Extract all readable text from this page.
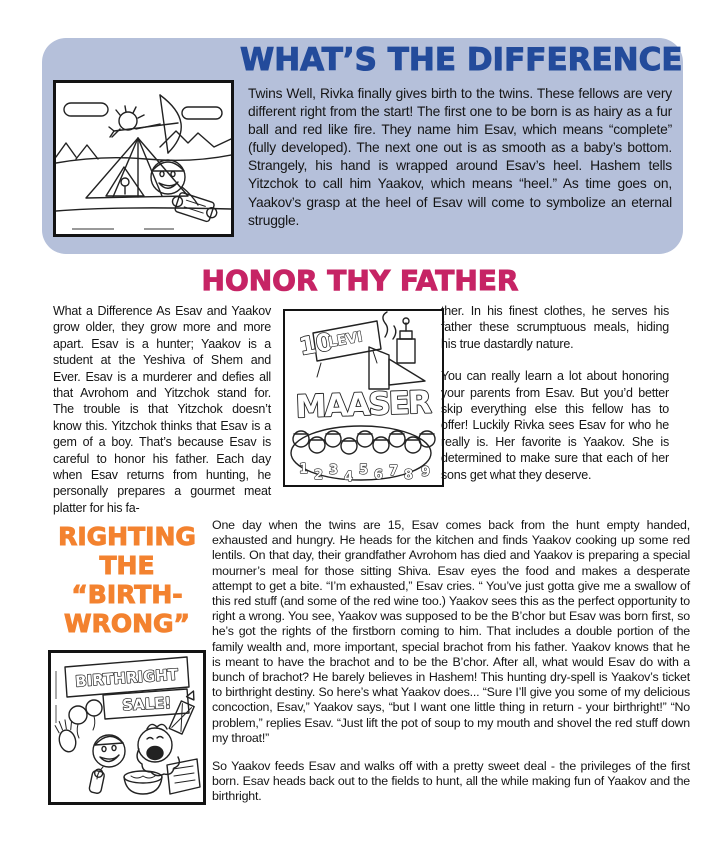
WHAT’S THE DIFFERENCE
Twins Well, Rivka finally gives birth to the twins. These fellows are very different right from the start! The first one to be born is as hairy as a fur ball and red like fire. They name him Esav, which means “complete” (fully developed). The next one out is as smooth as a baby’s bottom. Strangely, his hand is wrapped around Esav’s heel. Hashem tells Yitzchok to call him Yaakov, which means “heel.” As time goes on, Yaakov’s grasp at the heel of Esav will come to symbolize an eternal struggle.
HONOR THY FATHER
What a Difference As Esav and Yaakov grow older, they grow more and more apart. Esav is a hunter; Yaakov is a student at the Yeshiva of Shem and Ever. Esav is a murderer and defies all that Avrohom and Yitzchok stand for. The trouble is that Yitzchok doesn’t know this. Yitzchok thinks that Esav is a gem of a boy. That’s because Esav is careful to honor his father. Each day when Esav returns from hunting, he personally prepares a gourmet meat platter for his fa-
10
LEVI
MAASER
1 2 3 4 5 6 7 8 9
ther. In his finest clothes, he serves his father these scrumptuous meals, hiding his true dastardly nature.
You can really learn a lot about honoring your parents from Esav. But you’d better skip everything else this fellow has to offer! Luckily Rivka sees Esav for who he really is. Her favorite is Yaakov. She is determined to make sure that each of her sons get what they deserve.
RIGHTING
THE
“BIRTH-
WRONG”
BIRTHRIGHT
SALE!
One day when the twins are 15, Esav comes back from the hunt empty handed, exhausted and hungry. He heads for the kitchen and finds Yaakov cooking up some red lentils. On that day, their grandfather Avrohom has died and Yaakov is preparing a special mourner’s meal for those sitting Shiva. Esav eyes the food and makes a desperate attempt to get a bite. “I’m exhausted,” Esav cries. “ You’ve just gotta give me a swallow of this red stuff (and some of the red wine too.) Yaakov sees this as the perfect opportunity to right a wrong. You see, Yaakov was supposed to be the B’chor but Esav was born first, so he’s got the rights of the firstborn coming to him. That includes a double portion of the family wealth and, more important, special brachot from his father. Yaakov knows that he is meant to have the brachot and to be the B’chor. After all, what would Esav do with a bunch of brachot? He barely believes in Hashem! This hunting dry-spell is Yaakov’s ticket to birthright destiny. So here’s what Yaakov does... “Sure I’ll give you some of my delicious concoction, Esav,” Yaakov says, “but I want one little thing in return - your birthright!” “No problem,” replies Esav. “Just lift the pot of soup to my mouth and shovel the red stuff down my throat!”
So Yaakov feeds Esav and walks off with a pretty sweet deal - the privileges of the first born. Esav heads back out to the fields to hunt, all the while making fun of Yaakov and the birthright.
